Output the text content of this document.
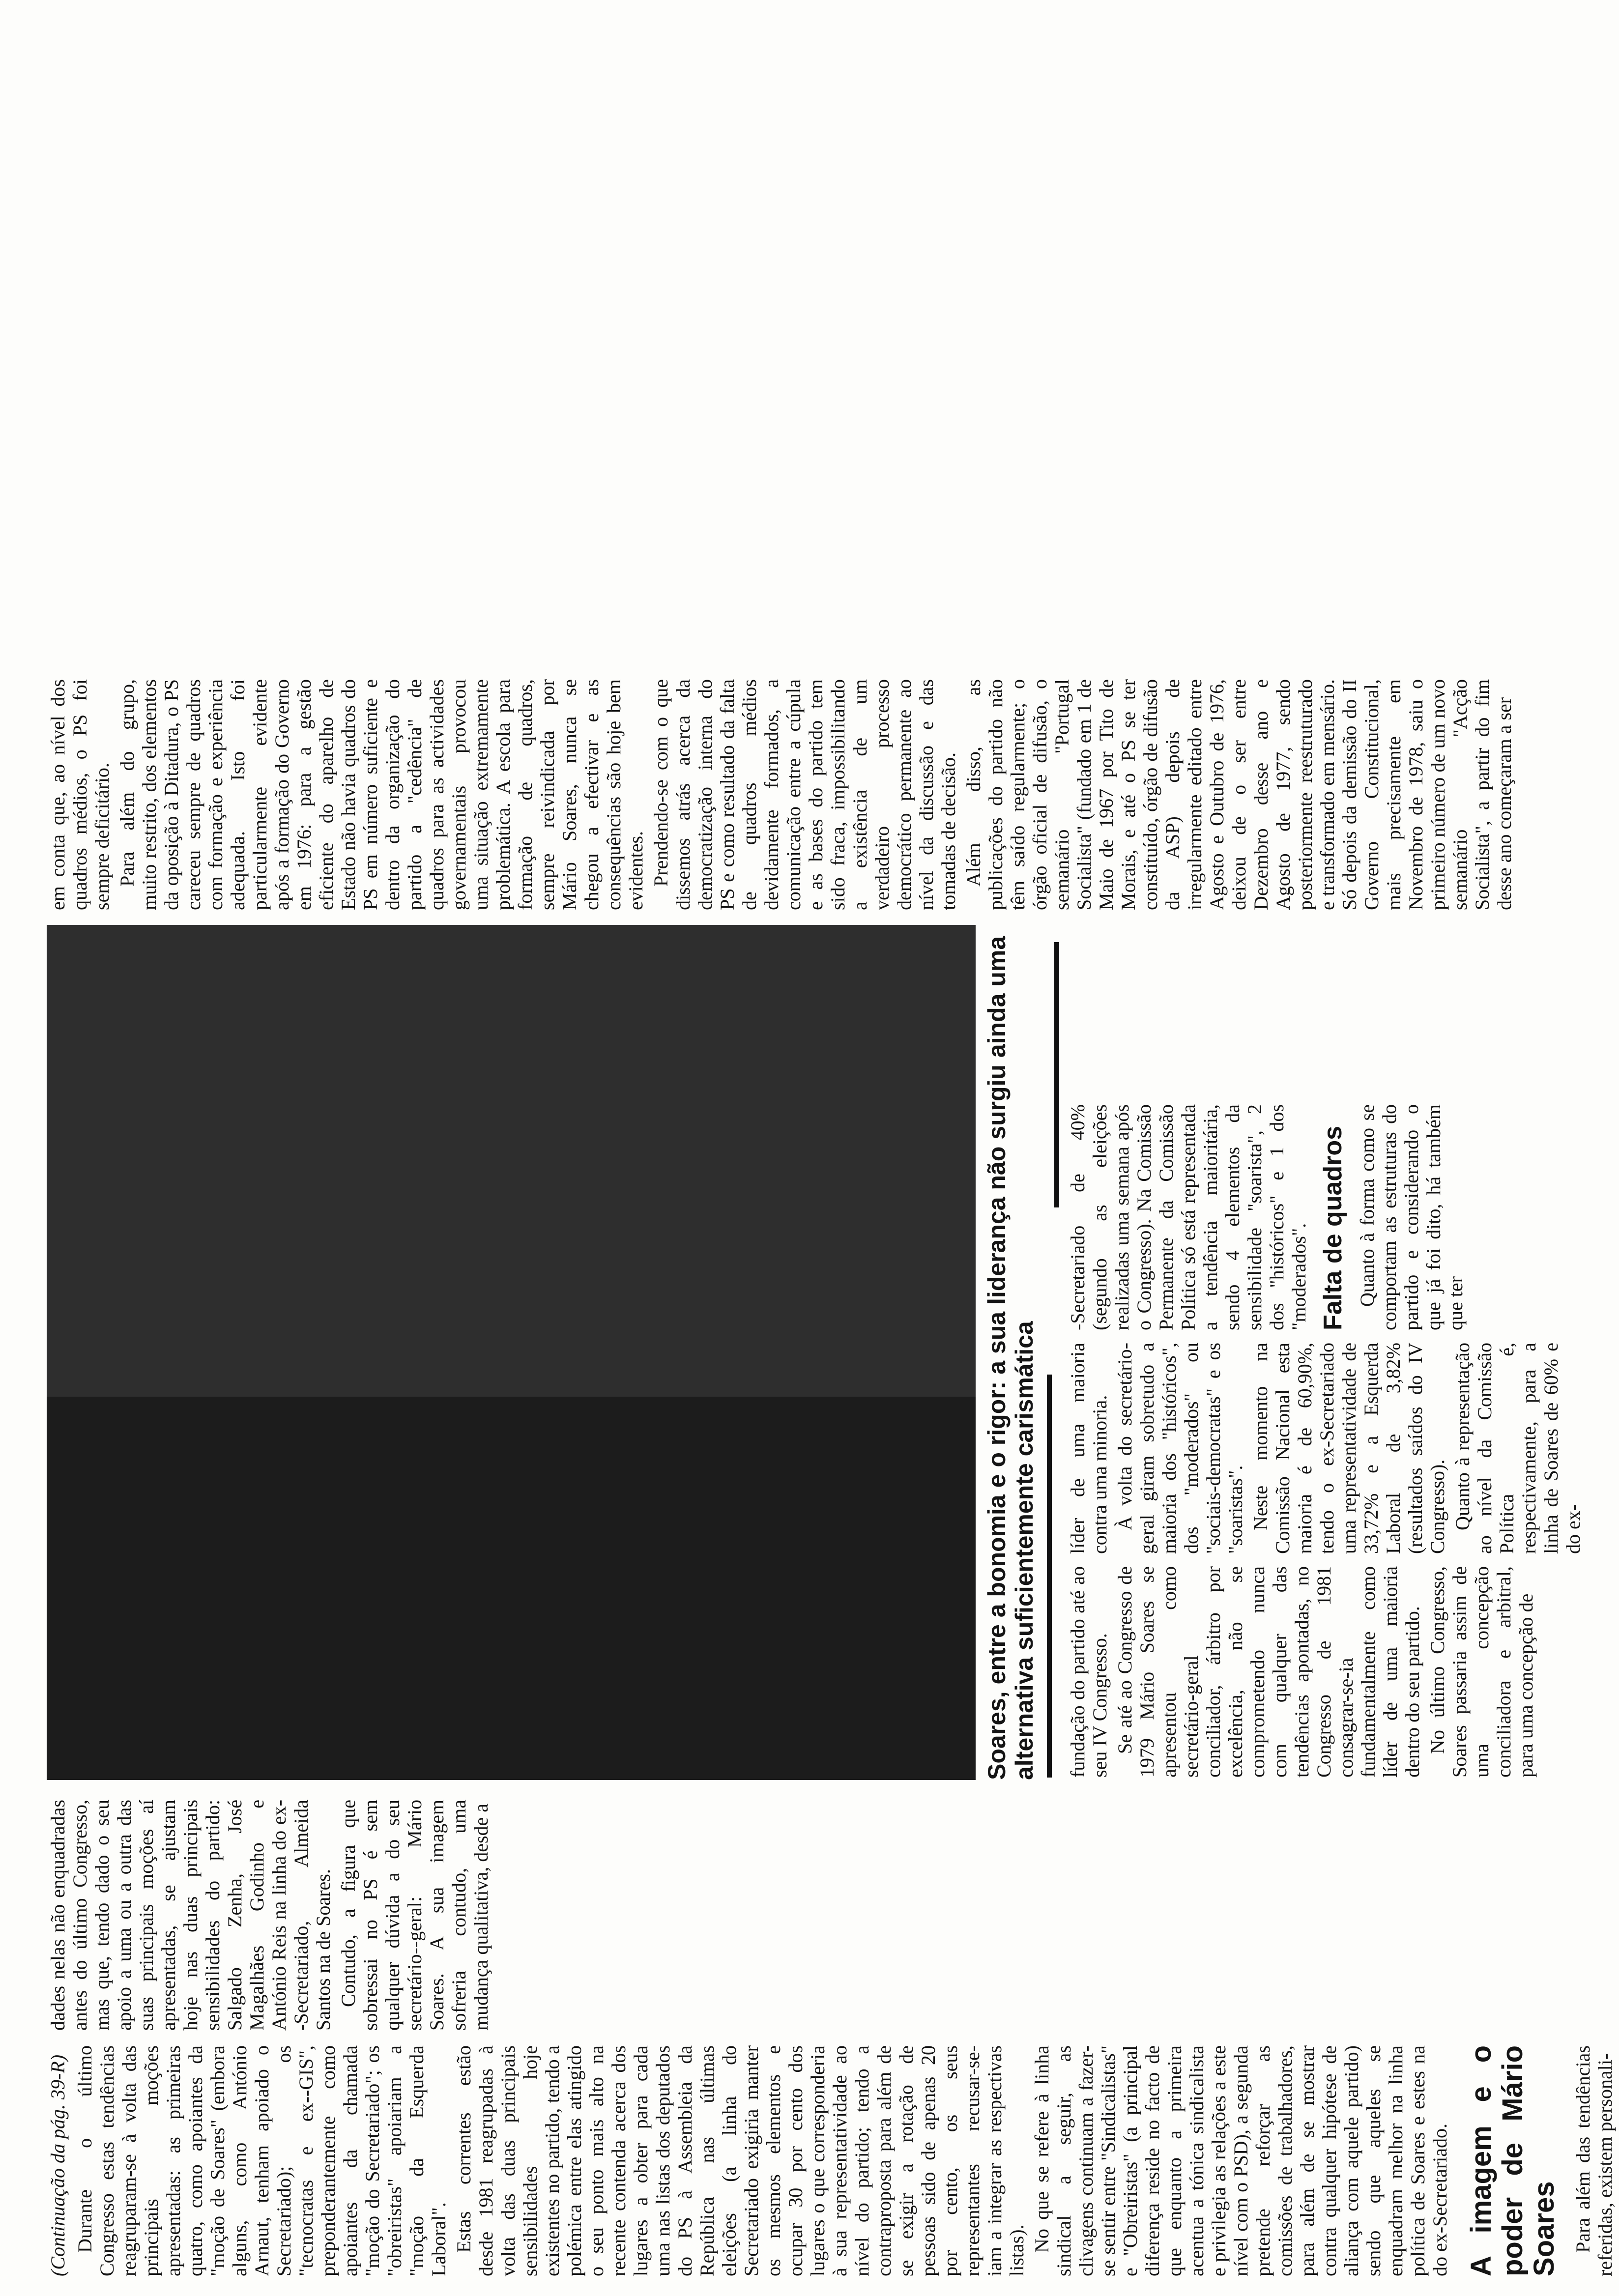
(Continuação da pág. 39-R) Durante o último Congresso estas tendências reagruparam-se à volta das principais moções apresentadas: as primeiras quatro, como apoiantes da "moção de Soares" (embora alguns, como António Arnaut, tenham apoiado o Secretariado); os "tecnocratas e ex--GIS", preponderantemente como apoiantes da chamada "moção do Secretariado"; os "obreiristas" apoiariam a "moção da Esquerda Laboral". Estas correntes estão desde 1981 reagrupadas à volta das duas principais sensibilidades hoje existentes no partido, tendo a polémica entre elas atingido o seu ponto mais alto na recente contenda acerca dos lugares a obter para cada uma nas listas dos deputados do PS à Assembleia da República nas últimas eleições (a linha do Secretariado exigiria manter os mesmos elementos e ocupar 30 por cento dos lugares o que corresponderia à sua representatividade ao nível do partido; tendo a contraproposta para além de se exigir a rotação de pessoas sido de apenas 20 por cento, os seus representantes recusar-se-iam a integrar as respectivas listas). No que se refere à linha sindical a seguir, as clivagens continuam a fazer-se sentir entre "Sindicalistas" e "Obreiristas" (a principal diferença reside no facto de que enquanto a primeira acentua a tónica sindicalista e privilegia as relações a este nível com o PSD), a segunda pretende reforçar as comissões de trabalhadores, para além de se mostrar contra qualquer hipótese de aliança com aquele partido) sendo que aqueles se enquadram melhor na linha política de Soares e estes na do ex-Secretariado. A imagem e o poder de Mário Soares Para além das tendências referidas, existem personali-

dades nelas não enquadradas antes do último Congresso, mas que, tendo dado o seu apoio a uma ou a outra das suas principais moções aí apresentadas, se ajustam hoje nas duas principais sensibilidades do partido: Salgado Zenha, José Magalhães Godinho e António Reis na linha do ex--Secretariado, Almeida Santos na de Soares. Contudo, a figura que sobressai no PS é sem qualquer dúvida a do seu secretário--geral: Mário Soares. A sua imagem sofreria contudo, uma mudança qualitativa, desde a

Soares, entre a bonomia e o rigor: a sua liderança não surgiu ainda uma alternativa suficientemente carismática fundação do partido até ao seu IV Congresso. Se até ao Congresso de 1979 Mário Soares se apresentou como secretário-geral conciliador, árbitro por excelência, não se comprometendo nunca com qualquer das tendências apontadas, no Congresso de 1981 consagrar-se-ia fundamentalmente como líder de uma maioria dentro do seu partido. No último Congresso, Soares passaria assim de uma concepção conciliadora e arbitral, para uma concepção de

líder de uma maioria contra uma minoria. À volta do secretário-geral giram sobretudo a maioria dos "históricos", dos "moderados" ou "sociais-democratas" e os "soaristas". Neste momento na Comissão Nacional esta maioria é de 60,90%, tendo o ex-Secretariado uma representatividade de 33,72% e a Esquerda Laboral de 3,82% (resultados saídos do IV Congresso). Quanto à representação ao nível da Comissão Política é, respectivamente, para a linha de Soares de 60% e do ex-

-Secretariado de 40% (segundo as eleições realizadas uma semana após o Congresso). Na Comissão Permanente da Comissão Política só está representada a tendência maioritária, sendo 4 elementos da sensibilidade "soarista", 2 dos "históricos" e 1 dos "moderados". Falta de quadros Quanto à forma como se comportam as estruturas do partido e considerando o que já foi dito, há também que ter

em conta que, ao nível dos quadros médios, o PS foi sempre deficitário. Para além do grupo, muito restrito, dos elementos da oposição à Ditadura, o PS carecеu sempre de quadros com formação e experiência adequada. Isto foi particularmente evidente após a formação do Governo em 1976: para a gestão eficiente do aparelho de Estado não havia quadros do PS em número suficiente e dentro da organização do partido a "cedência" de quadros para as actividades governamentais provocou uma situação extremamente problemática. A escola para formação de quadros, sempre reivindicada por Mário Soares, nunca se chegou a efectivar e as consequências são hoje bem evidentes. Prendendo-se com o que dissemos atrás acerca da democratização interna do PS e como resultado da falta de quadros médios devidamente formados, a comunicação entre a cúpula e as bases do partido tem sido fraca, impossibilitando a existência de um verdadeiro processo democrático permanente ao nível da discussão e das tomadas de decisão. Além disso, as publicações do partido não têm saído regularmente; o órgão oficial de difusão, o semanário "Portugal Socialista" (fundado em 1 de Maio de 1967 por Tito de Morais, e até o PS se ter constituído, órgão de difusão da ASP) depois de irregularmente editado entre Agosto e Outubro de 1976, deixou de o ser entre Dezembro desse ano e Agosto de 1977, sendo posteriormente reestruturado e transformado em mensário. Só depois da demissão do II Governo Constitucional, mais precisamente em Novembro de 1978, saiu o primeiro número de um novo semanário "Acção Socialista", a partir do fim desse ano começaram a ser
